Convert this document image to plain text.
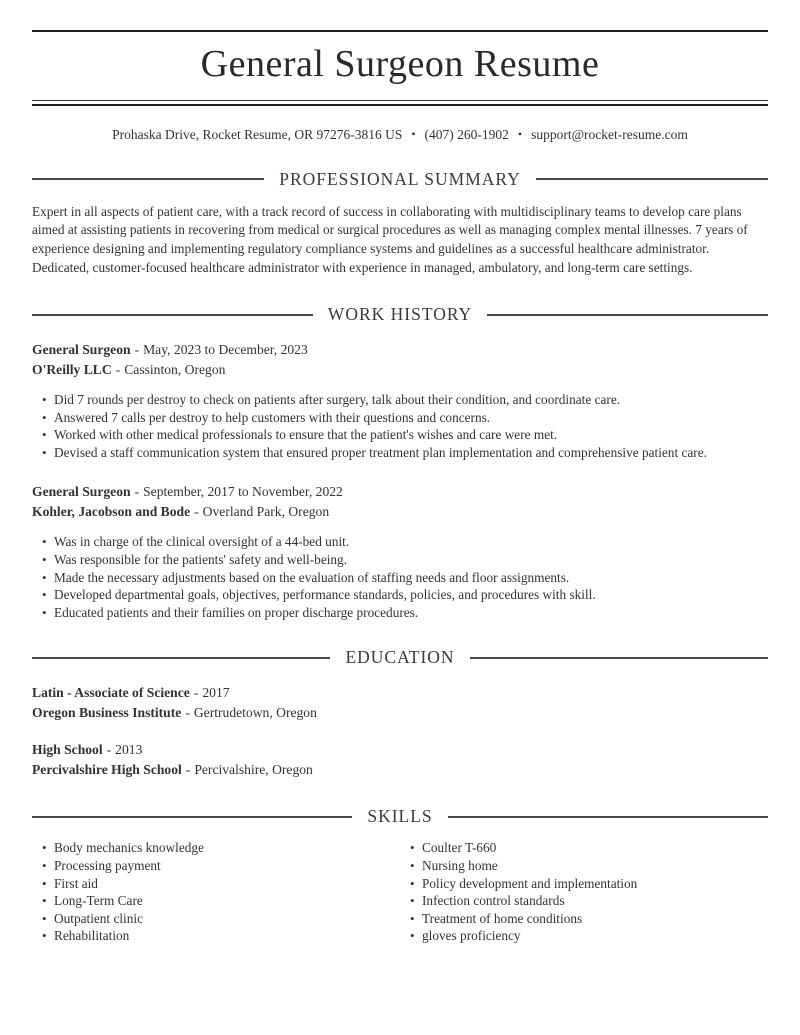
General Surgeon Resume
Prohaska Drive, Rocket Resume, OR 97276-3816 US • (407) 260-1902 • support@rocket-resume.com
PROFESSIONAL SUMMARY

Expert in all aspects of patient care, with a track record of success in collaborating with multidisciplinary teams to develop care plans aimed at assisting patients in recovering from medical or surgical procedures as well as managing complex mental illnesses. 7 years of experience designing and implementing regulatory compliance systems and guidelines as a successful healthcare administrator. Dedicated, customer-focused healthcare administrator with experience in managed, ambulatory, and long-term care settings.

WORK HISTORY
General Surgeon - May, 2023 to December, 2023
O'Reilly LLC - Cassinton, Oregon
• Did 7 rounds per destroy to check on patients after surgery, talk about their condition, and coordinate care.
• Answered 7 calls per destroy to help customers with their questions and concerns.
• Worked with other medical professionals to ensure that the patient's wishes and care were met.
• Devised a staff communication system that ensured proper treatment plan implementation and comprehensive patient care.
General Surgeon - September, 2017 to November, 2022
Kohler, Jacobson and Bode - Overland Park, Oregon
• Was in charge of the clinical oversight of a 44-bed unit.
• Was responsible for the patients' safety and well-being.
• Made the necessary adjustments based on the evaluation of staffing needs and floor assignments.
• Developed departmental goals, objectives, performance standards, policies, and procedures with skill.
• Educated patients and their families on proper discharge procedures.
EDUCATION
Latin - Associate of Science - 2017
Oregon Business Institute - Gertrudetown, Oregon
High School - 2013
Percivalshire High School - Percivalshire, Oregon
SKILLS
• Body mechanics knowledge
• Processing payment
• First aid
• Long-Term Care
• Outpatient clinic
• Rehabilitation
• Coulter T-660
• Nursing home
• Policy development and implementation
• Infection control standards
• Treatment of home conditions
• gloves proficiency
